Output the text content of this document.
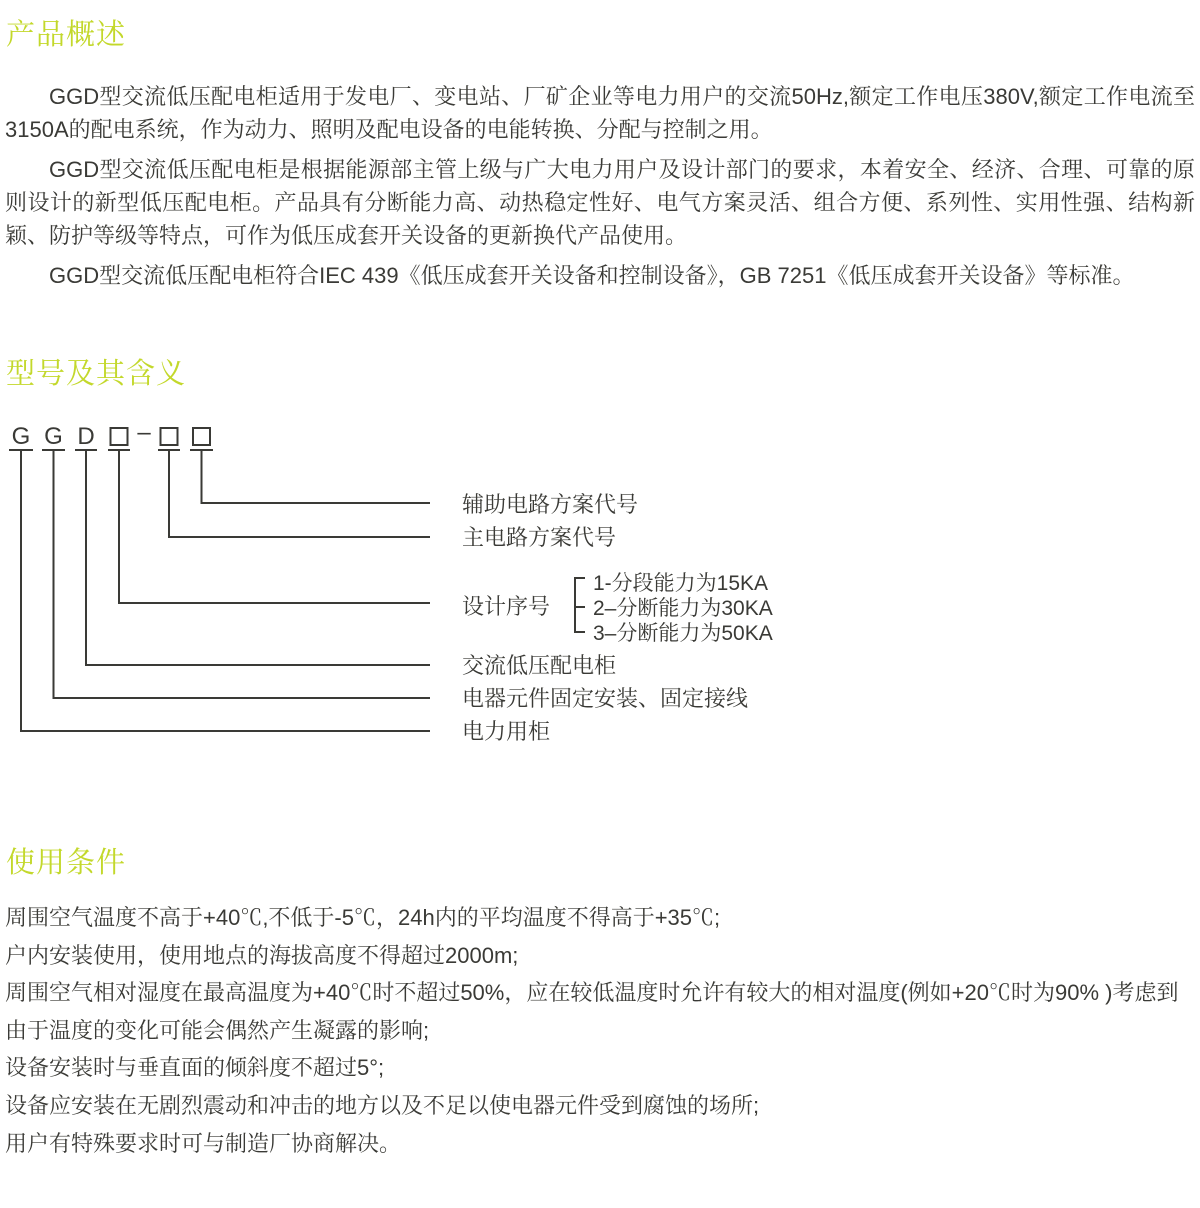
产品概述

GGD型交流低压配电柜适用于发电厂、变电站、厂矿企业等电力用户的交流50Hz,额定工作电压380V,额定工作电流至3150A的配电系统，作为动力、照明及配电设备的电能转换、分配与控制之用。

GGD型交流低压配电柜是根据能源部主管上级与广大电力用户及设计部门的要求，本着安全、经济、合理、可靠的原则设计的新型低压配电柜。产品具有分断能力高、动热稳定性好、电气方案灵活、组合方便、系列性、实用性强、结构新颖、防护等级等特点，可作为低压成套开关设备的更新换代产品使用。

GGD型交流低压配电柜符合IEC 439《低压成套开关设备和控制设备》，GB 7251《低压成套开关设备》等标准。

型号及其含义
G G D –
辅助电路方案代号
主电路方案代号
设计序号
交流低压配电柜
电器元件固定安装、固定接线
电力用柜
1-分段能力为15KA
2–分断能力为30KA
3–分断能力为50KA
使用条件
周围空气温度不高于+40℃,不低于-5℃，24h内的平均温度不得高于+35℃;
户内安装使用，使用地点的海拔高度不得超过2000m;
周围空气相对湿度在最高温度为+40℃时不超过50%，应在较低温度时允许有较大的相对温度(例如+20℃时为90% )考虑到
由于温度的变化可能会偶然产生凝露的影响;
设备安装时与垂直面的倾斜度不超过5°;
设备应安装在无剧烈震动和冲击的地方以及不足以使电器元件受到腐蚀的场所;
用户有特殊要求时可与制造厂协商解决。
